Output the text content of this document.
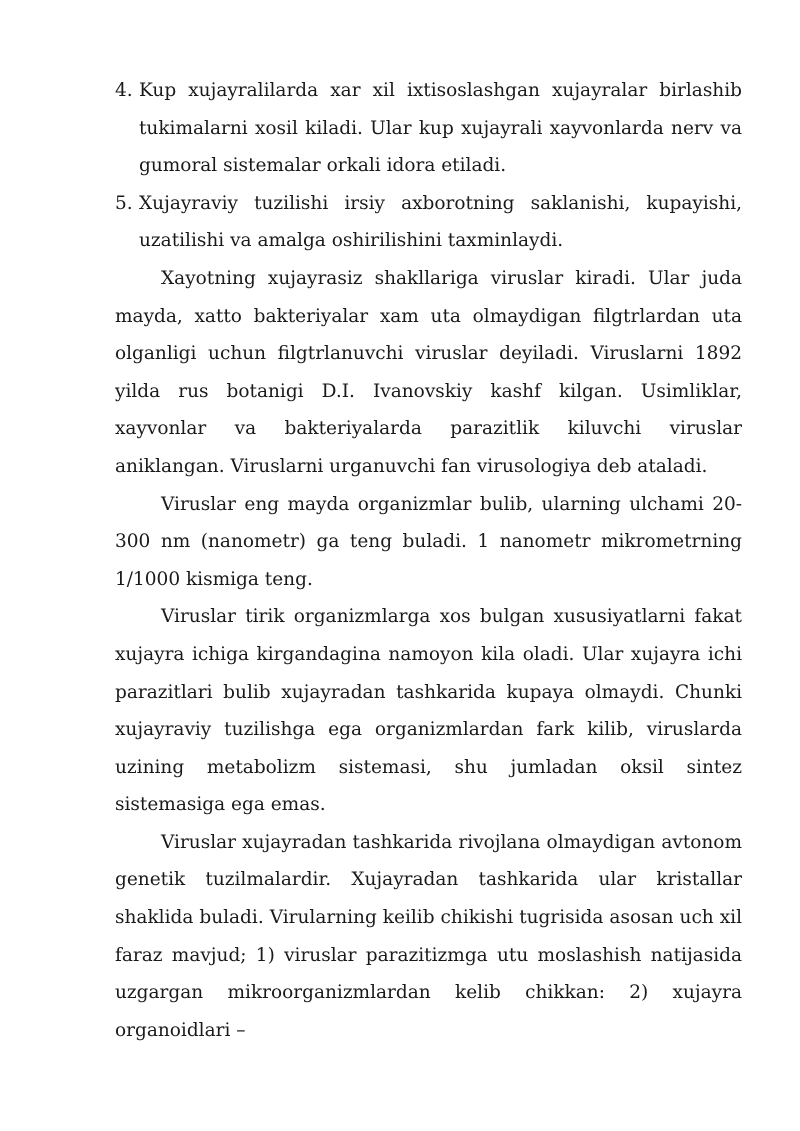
4. Kup xujayralilarda xar xil ixtisoslashgan xujayralar birlashib tukimalarni xosil kiladi. Ular kup xujayrali xayvonlarda nerv va gumoral sistemalar orkali idora etiladi.
5. Xujayraviy tuzilishi irsiy axborotning saklanishi, kupayishi, uzatilishi va amalga oshirilishini taxminlaydi.

Xayotning xujayrasiz shakllariga viruslar kiradi. Ular juda mayda, xatto bakteriyalar xam uta olmaydigan filgtrlardan uta olganligi uchun filgtrlanuvchi viruslar deyiladi. Viruslarni 1892 yilda rus botanigi D.I. Ivanovskiy kashf kilgan. Usimliklar, xayvonlar va bakteriyalarda parazitlik kiluvchi viruslar aniklangan. Viruslarni urganuvchi fan virusologiya deb ataladi.

Viruslar eng mayda organizmlar bulib, ularning ulchami 20-300 nm (nanometr) ga teng buladi. 1 nanometr mikrometrning 1/1000 kismiga teng.

Viruslar tirik organizmlarga xos bulgan xususiyatlarni fakat xujayra ichiga kirgandagina namoyon kila oladi. Ular xujayra ichi parazitlari bulib xujayradan tashkarida kupaya olmaydi. Chunki xujayraviy tuzilishga ega organizmlardan fark kilib, viruslarda uzining metabolizm sistemasi, shu jumladan oksil sintez sistemasiga ega emas.

Viruslar xujayradan tashkarida rivojlana olmaydigan avtonom genetik tuzilmalardir. Xujayradan tashkarida ular kristallar shaklida buladi. Virularning keilib chikishi tugrisida asosan uch xil faraz mavjud; 1) viruslar parazitizmga utu moslashish natijasida uzgargan mikroorganizmlardan kelib chikkan: 2) xujayra organoidlari –
